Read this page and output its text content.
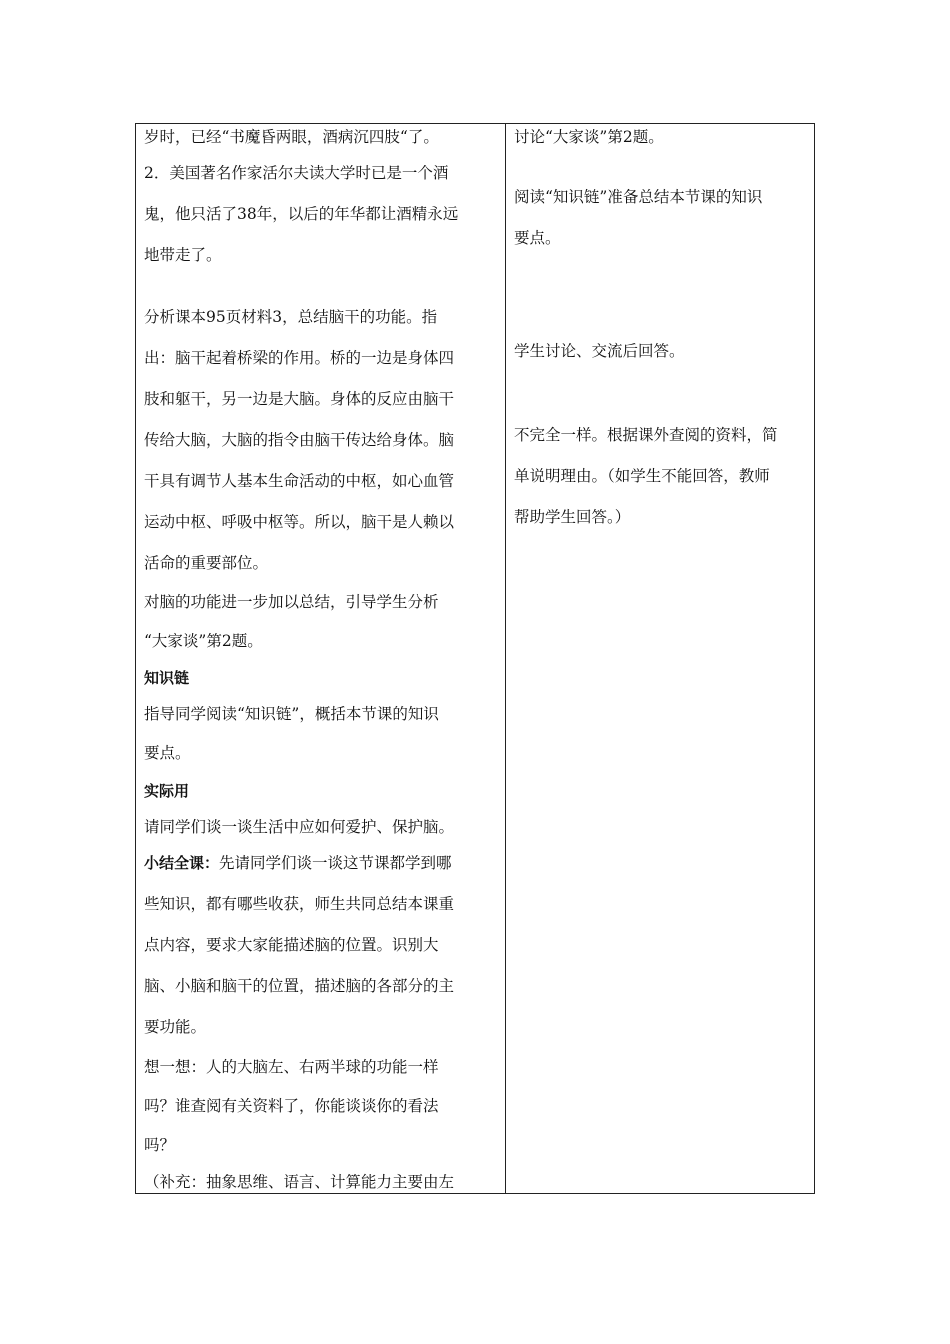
岁时，已经“书魔昏两眼，酒病沉四肢“了。
2．美国著名作家活尔夫读大学时已是一个酒
鬼，他只活了38年，以后的年华都让酒精永远
地带走了。
分析课本95页材料3，总结脑干的功能。指
出：脑干起着桥梁的作用。桥的一边是身体四
肢和躯干，另一边是大脑。身体的反应由脑干
传给大脑，大脑的指令由脑干传达给身体。脑
干具有调节人基本生命活动的中枢，如心血管
运动中枢、呼吸中枢等。所以，脑干是人赖以
活命的重要部位。
对脑的功能进一步加以总结，引导学生分析
“大家谈”第2题。
知识链
指导同学阅读“知识链”，概括本节课的知识
要点。
实际用
请同学们谈一谈生活中应如何爱护、保护脑。
小结全课：先请同学们谈一谈这节课都学到哪
些知识，都有哪些收获，师生共同总结本课重
点内容，要求大家能描述脑的位置。识别大
脑、小脑和脑干的位置，描述脑的各部分的主
要功能。
想一想：人的大脑左、右两半球的功能一样
吗？谁查阅有关资料了，你能谈谈你的看法
吗？
（补充：抽象思维、语言、计算能力主要由左
讨论“大家谈”第2题。
阅读“知识链”准备总结本节课的知识
要点。
学生讨论、交流后回答。
不完全一样。根据课外查阅的资料，简
单说明理由。（如学生不能回答，教师
帮助学生回答。）
